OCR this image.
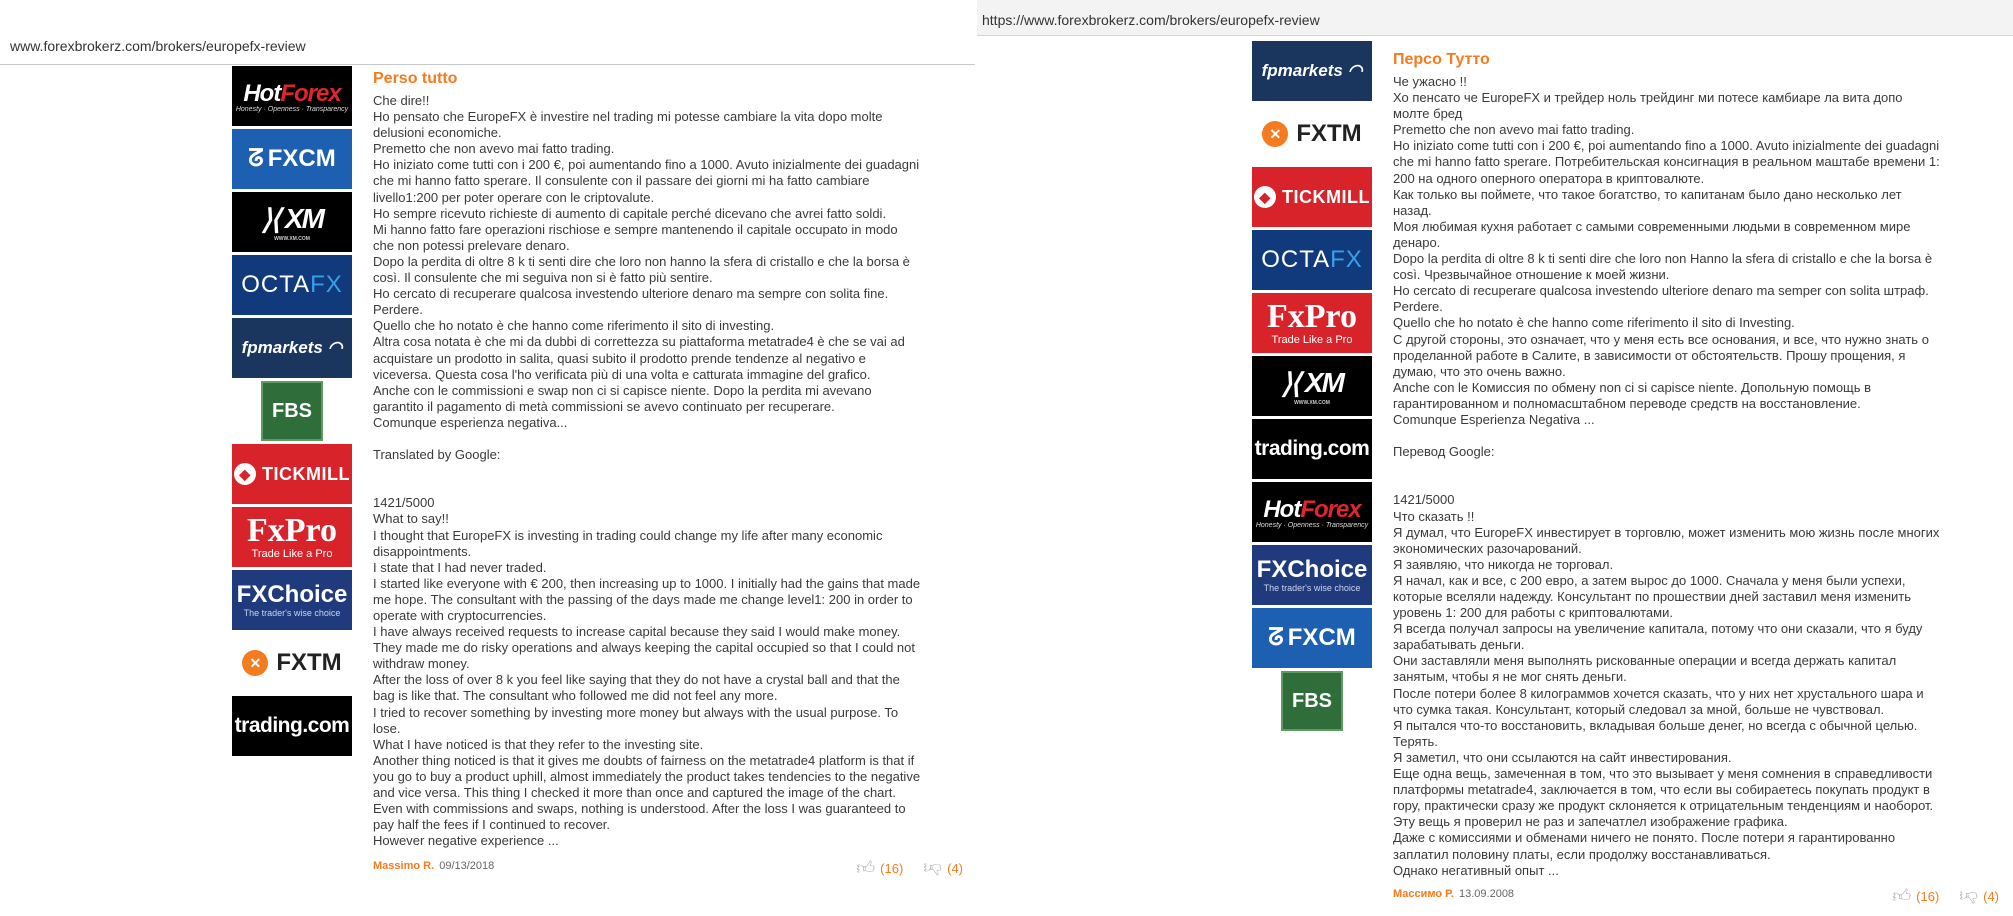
www.forexbrokerz.com/brokers/europefx-review
HotForex
Honesty · Openness · Transparency
ᘔ FXCM
⟩⟨ XM
WWW.XM.COM
OCTAFX
fpmarkets ◠
FBS
◆ TICKMILL
FxPro
Trade Like a Pro
FXChoice
The trader's wise choice
✕ FXTM
trading.com
Perso tutto
Che dire!!
Ho pensato che EuropeFX è investire nel trading mi potesse cambiare la vita dopo molte
delusioni economiche.
Premetto che non avevo mai fatto trading.
Ho iniziato come tutti con i 200 €, poi aumentando fino a 1000. Avuto inizialmente dei guadagni
che mi hanno fatto sperare. Il consulente con il passare dei giorni mi ha fatto cambiare
livello1:200 per poter operare con le criptovalute.
Ho sempre ricevuto richieste di aumento di capitale perché dicevano che avrei fatto soldi.
Mi hanno fatto fare operazioni rischiose e sempre mantenendo il capitale occupato in modo
che non potessi prelevare denaro.
Dopo la perdita di oltre 8 k ti senti dire che loro non hanno la sfera di cristallo e che la borsa è
così. Il consulente che mi seguiva non si è fatto più sentire.
Ho cercato di recuperare qualcosa investendo ulteriore denaro ma sempre con solita fine.
Perdere.
Quello che ho notato è che hanno come riferimento il sito di investing.
Altra cosa notata è che mi da dubbi di correttezza su piattaforma metatrade4 è che se vai ad
acquistare un prodotto in salita, quasi subito il prodotto prende tendenze al negativo e
viceversa. Questa cosa l'ho verificata più di una volta e catturata immagine del grafico.
Anche con le commissioni e swap non ci si capisce niente. Dopo la perdita mi avevano
garantito il pagamento di metà commissioni se avevo continuato per recuperare.
Comunque esperienza negativa...
Translated by Google:
1421/5000
What to say!!
I thought that EuropeFX is investing in trading could change my life after many economic
disappointments.
I state that I had never traded.
I started like everyone with € 200, then increasing up to 1000. I initially had the gains that made
me hope. The consultant with the passing of the days made me change level1: 200 in order to
operate with cryptocurrencies.
I have always received requests to increase capital because they said I would make money.
They made me do risky operations and always keeping the capital occupied so that I could not
withdraw money.
After the loss of over 8 k you feel like saying that they do not have a crystal ball and that the
bag is like that. The consultant who followed me did not feel any more.
I tried to recover something by investing more money but always with the usual purpose. To
lose.
What I have noticed is that they refer to the investing site.
Another thing noticed is that it gives me doubts of fairness on the metatrade4 platform is that if
you go to buy a product uphill, almost immediately the product takes tendencies to the negative
and vice versa. This thing I checked it more than once and captured the image of the chart.
Even with commissions and swaps, nothing is understood. After the loss I was guaranteed to
pay half the fees if I continued to recover.
However negative experience ...
Massimo R. 09/13/2018	👍︎ (16) 👍︎ (4)
https://www.forexbrokerz.com/brokers/europefx-review
fpmarkets ◠
✕ FXTM
◆ TICKMILL
OCTAFX
FxPro
Trade Like a Pro
⟩⟨ XM
WWW.XM.COM
trading.com
HotForex
Honesty · Openness · Transparency
FXChoice
The trader's wise choice
ᘔ FXCM
FBS
Персо Тутто
Че ужасно !!
Хо пенсато че EuropeFX и трейдер ноль трейдинг ми потесе камбиаре ла вита допо
молте бред
Premetto che non avevo mai fatto trading.
Ho iniziato come tutti con i 200 €, poi aumentando fino a 1000. Avuto inizialmente dei guadagni
che mi hanno fatto sperare. Потребительская консигнация в реальном маштабе времени 1:
200 на одного оперного оператора в криптовалюте.
Как только вы поймете, что такое богатство, то капитанам было дано несколько лет
назад.
Моя любимая кухня работает с самыми современными людьми в современном мире
денаро.
Dopo la perdita di oltre 8 k ti senti dire che loro non Hanno la sfera di cristallo e che la borsa è
così. Чрезвычайное отношение к моей жизни.
Ho cercato di recuperare qualcosa investendo ulteriore denaro ma semper con solita штраф.
Perdere.
Quello che ho notato è che hanno come riferimento il sito di Investing.
С другой стороны, это означает, что у меня есть все основания, и все, что нужно знать о
проделанной работе в Салите, в зависимости от обстоятельств. Прошу прощения, я
думаю, что это очень важно.
Anche con le Комиссия по обмену non ci si capisce niente. Допольную помощь в
гарантированном и полномасштабном переводе средств на восстановление.
Comunque Esperienza Negativa ...
Перевод Google:
1421/5000
Что сказать !!
Я думал, что EuropeFX инвестирует в торговлю, может изменить мою жизнь после многих
экономических разочарований.
Я заявляю, что никогда не торговал.
Я начал, как и все, с 200 евро, а затем вырос до 1000. Сначала у меня были успехи,
которые вселяли надежду. Консультант по прошествии дней заставил меня изменить
уровень 1: 200 для работы с криптовалютами.
Я всегда получал запросы на увеличение капитала, потому что они сказали, что я буду
зарабатывать деньги.
Они заставляли меня выполнять рискованные операции и всегда держать капитал
занятым, чтобы я не мог снять деньги.
После потери более 8 килограммов хочется сказать, что у них нет хрустального шара и
что сумка такая. Консультант, который следовал за мной, больше не чувствовал.
Я пытался что-то восстановить, вкладывая больше денег, но всегда с обычной целью.
Терять.
Я заметил, что они ссылаются на сайт инвестирования.
Еще одна вещь, замеченная в том, что это вызывает у меня сомнения в справедливости
платформы metatrade4, заключается в том, что если вы собираетесь покупать продукт в
гору, практически сразу же продукт склоняется к отрицательным тенденциям и наоборот.
Эту вещь я проверил не раз и запечатлел изображение графика.
Даже с комиссиями и обменами ничего не понято. После потери я гарантированно
заплатил половину платы, если продолжу восстанавливаться.
Однако негативный опыт ...
Массимо Р. 13.09.2008	👍︎ (16) 👍︎ (4)
